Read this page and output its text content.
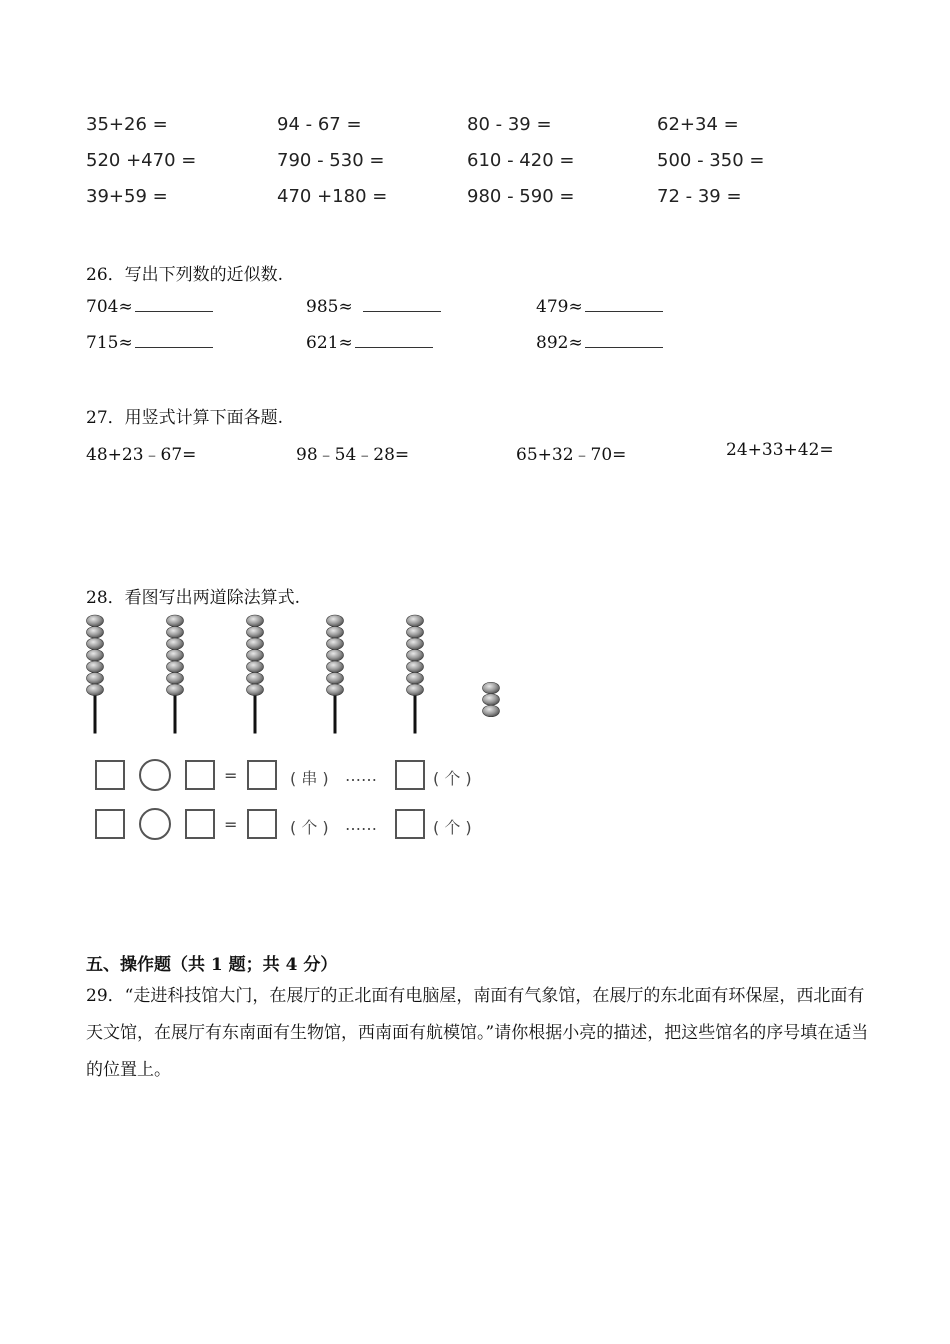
35+26 =	94 - 67 =	80 - 39 =	62+34 =
520 +470 =	790 - 530 =	610 - 420 =	500 - 350 =
39+59 =	470 +180 =	980 - 590 =	72 - 39 =
26．写出下列数的近似数.
704≈	985≈	479≈
715≈	621≈	892≈
27．用竖式计算下面各题.
48+23﹣67=	98﹣54﹣28=	65+32﹣70=	24+33+42=
28．看图写出两道除法算式.
=	( 串 ) ……	( 个 )
=	( 个 ) ……	( 个 )
五、操作题（共 1 题；共 4 分）
29．“走进科技馆大门，在展厅的正北面有电脑屋，南面有气象馆，在展厅的东北面有环保屋，西北面有天文馆，在展厅有东南面有生物馆，西南面有航模馆。”请你根据小亮的描述，把这些馆名的序号填在适当的位置上。
